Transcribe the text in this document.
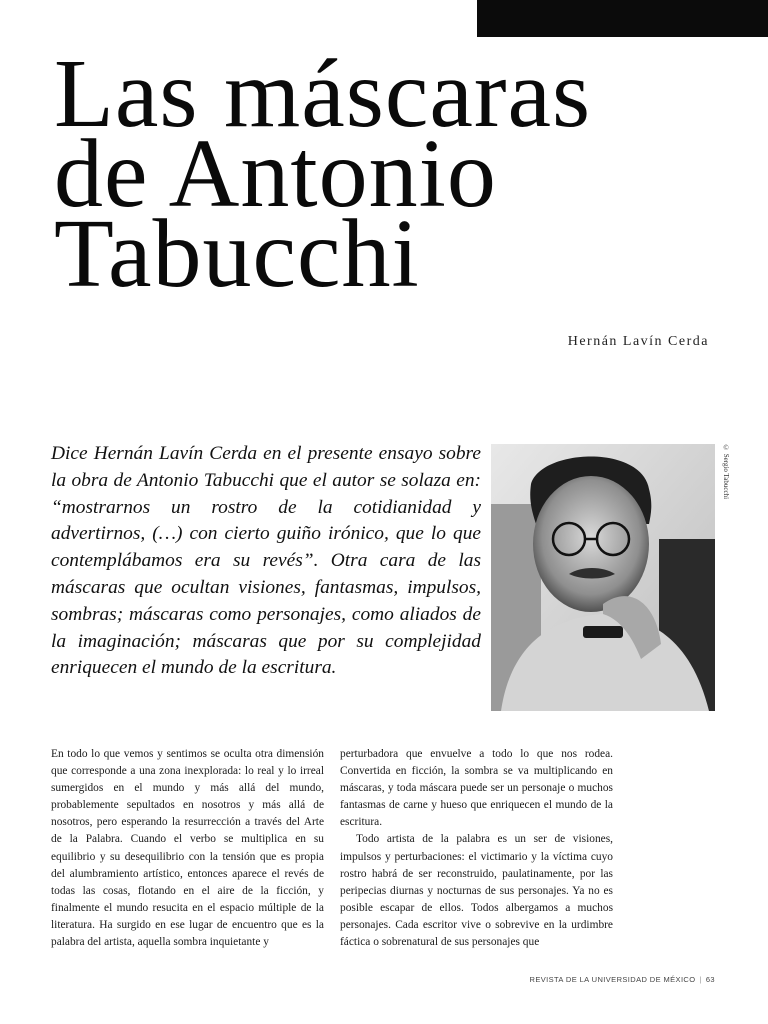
Las máscaras
de Antonio
Tabucchi
Hernán Lavín Cerda

Dice Hernán Lavín Cerda en el presente ensayo sobre la obra de Antonio Tabucchi que el autor se solaza en: “mostrarnos un rostro de la cotidianidad y advertirnos, (…) con cierto guiño irónico, que lo que contemplábamos era su revés”. Otra cara de las máscaras que ocultan visiones, fantasmas, impulsos, sombras; máscaras como personajes, como aliados de la imaginación; máscaras que por su complejidad enriquecen el mundo de la escritura.

© Sergio Tabucchi

En todo lo que vemos y sentimos se oculta otra dimensión que corresponde a una zona inexplorada: lo real y lo irreal sumergidos en el mundo y más allá del mundo, probablemente sepultados en nosotros y más allá de nosotros, pero esperando la resurrección a través del Arte de la Palabra. Cuando el verbo se multiplica en su equilibrio y su desequilibrio con la tensión que es propia del alumbramiento artístico, entonces aparece el revés de todas las cosas, flotando en el aire de la ficción, y finalmente el mundo resucita en el espacio múltiple de la literatura. Ha surgido en ese lugar de encuentro que es la palabra del artista, aquella sombra inquietante y

perturbadora que envuelve a todo lo que nos rodea. Convertida en ficción, la sombra se va multiplicando en máscaras, y toda máscara puede ser un personaje o muchos fantasmas de carne y hueso que enriquecen el mundo de la escritura.

Todo artista de la palabra es un ser de visiones, impulsos y perturbaciones: el victimario y la víctima cuyo rostro habrá de ser reconstruido, paulatinamente, por las peripecias diurnas y nocturnas de sus personajes. Ya no es posible escapar de ellos. Todos albergamos a muchos personajes. Cada escritor vive o sobrevive en la urdimbre fáctica o sobrenatural de sus personajes que

REVISTA DE LA UNIVERSIDAD DE MÉXICO | 63
